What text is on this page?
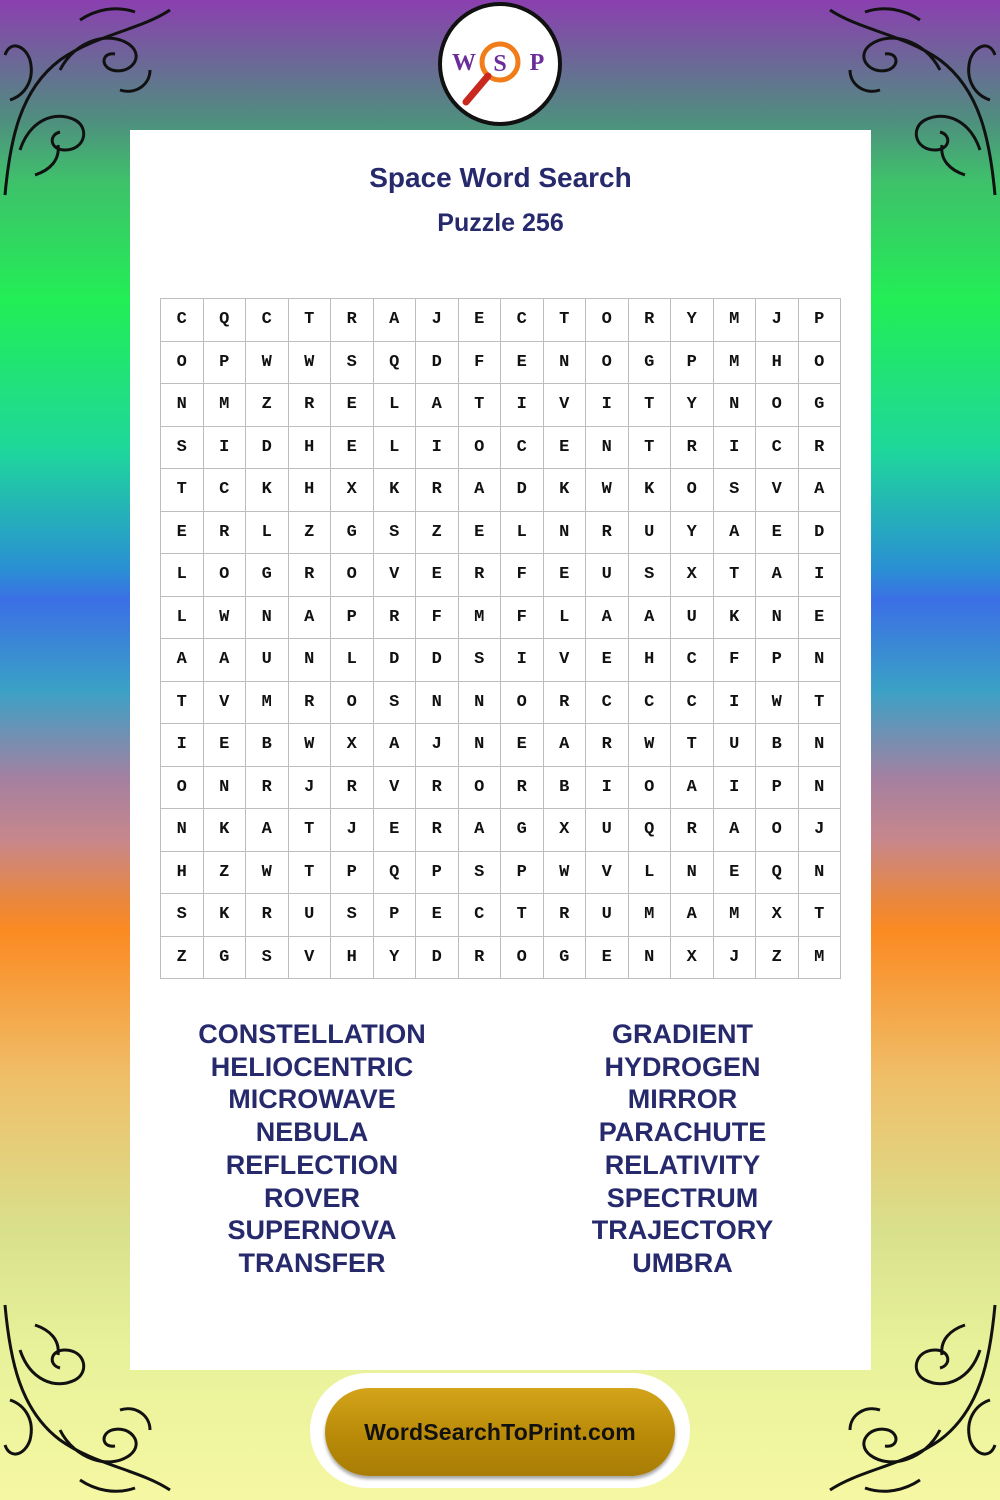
W S P
Space Word Search
Puzzle 256
C	Q	C	T	R	A	J	E	C	T	O	R	Y	M	J	P
O	P	W	W	S	Q	D	F	E	N	O	G	P	M	H	O
N	M	Z	R	E	L	A	T	I	V	I	T	Y	N	O	G
S	I	D	H	E	L	I	O	C	E	N	T	R	I	C	R
T	C	K	H	X	K	R	A	D	K	W	K	O	S	V	A
E	R	L	Z	G	S	Z	E	L	N	R	U	Y	A	E	D
L	O	G	R	O	V	E	R	F	E	U	S	X	T	A	I
L	W	N	A	P	R	F	M	F	L	A	A	U	K	N	E
A	A	U	N	L	D	D	S	I	V	E	H	C	F	P	N
T	V	M	R	O	S	N	N	O	R	C	C	C	I	W	T
I	E	B	W	X	A	J	N	E	A	R	W	T	U	B	N
O	N	R	J	R	V	R	O	R	B	I	O	A	I	P	N
N	K	A	T	J	E	R	A	G	X	U	Q	R	A	O	J
H	Z	W	T	P	Q	P	S	P	W	V	L	N	E	Q	N
S	K	R	U	S	P	E	C	T	R	U	M	A	M	X	T
Z	G	S	V	H	Y	D	R	O	G	E	N	X	J	Z	M
CONSTELLATION
HELIOCENTRIC
MICROWAVE
NEBULA
REFLECTION
ROVER
SUPERNOVA
TRANSFER
GRADIENT
HYDROGEN
MIRROR
PARACHUTE
RELATIVITY
SPECTRUM
TRAJECTORY
UMBRA
WordSearchToPrint.com
